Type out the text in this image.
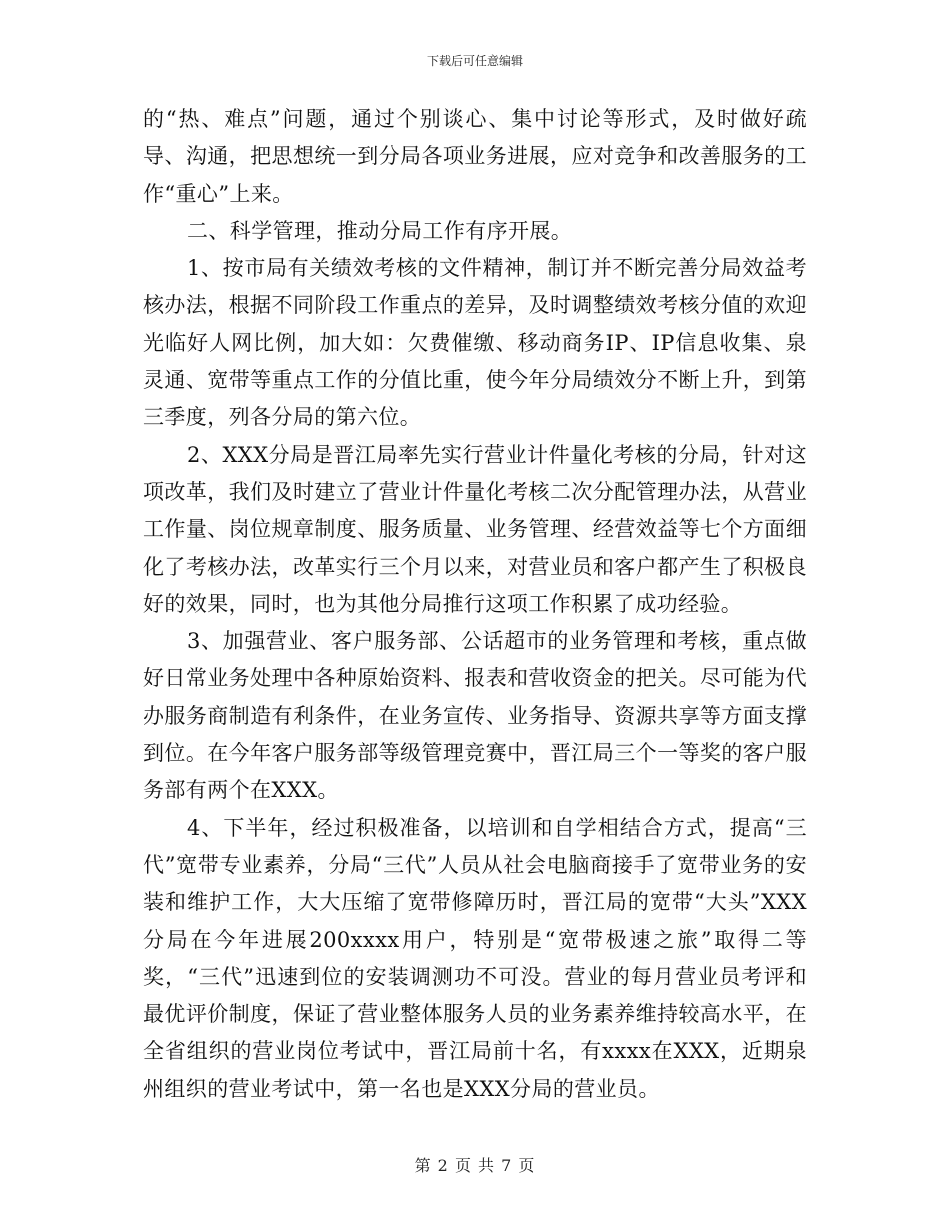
下载后可任意编辑

的“热、难点”问题，通过个别谈心、集中讨论等形式，及时做好疏导、沟通，把思想统一到分局各项业务进展，应对竞争和改善服务的工作“重心”上来。

二、科学管理，推动分局工作有序开展。

1、按市局有关绩效考核的文件精神，制订并不断完善分局效益考核办法，根据不同阶段工作重点的差异，及时调整绩效考核分值的欢迎光临好人网比例，加大如：欠费催缴、移动商务IP、IP信息收集、泉灵通、宽带等重点工作的分值比重，使今年分局绩效分不断上升，到第三季度，列各分局的第六位。

2、XXX分局是晋江局率先实行营业计件量化考核的分局，针对这项改革，我们及时建立了营业计件量化考核二次分配管理办法，从营业工作量、岗位规章制度、服务质量、业务管理、经营效益等七个方面细化了考核办法，改革实行三个月以来，对营业员和客户都产生了积极良好的效果，同时，也为其他分局推行这项工作积累了成功经验。

3、加强营业、客户服务部、公话超市的业务管理和考核，重点做好日常业务处理中各种原始资料、报表和营收资金的把关。尽可能为代办服务商制造有利条件，在业务宣传、业务指导、资源共享等方面支撑到位。在今年客户服务部等级管理竞赛中，晋江局三个一等奖的客户服务部有两个在XXX。

4、下半年，经过积极准备，以培训和自学相结合方式，提高“三代”宽带专业素养，分局“三代”人员从社会电脑商接手了宽带业务的安装和维护工作，大大压缩了宽带修障历时，晋江局的宽带“大头”XXX分局在今年进展200xxxx用户，特别是“宽带极速之旅”取得二等奖，“三代”迅速到位的安装调测功不可没。营业的每月营业员考评和最优评价制度，保证了营业整体服务人员的业务素养维持较高水平，在全省组织的营业岗位考试中，晋江局前十名，有xxxx在XXX，近期泉州组织的营业考试中，第一名也是XXX分局的营业员。

第 2 页 共 7 页
